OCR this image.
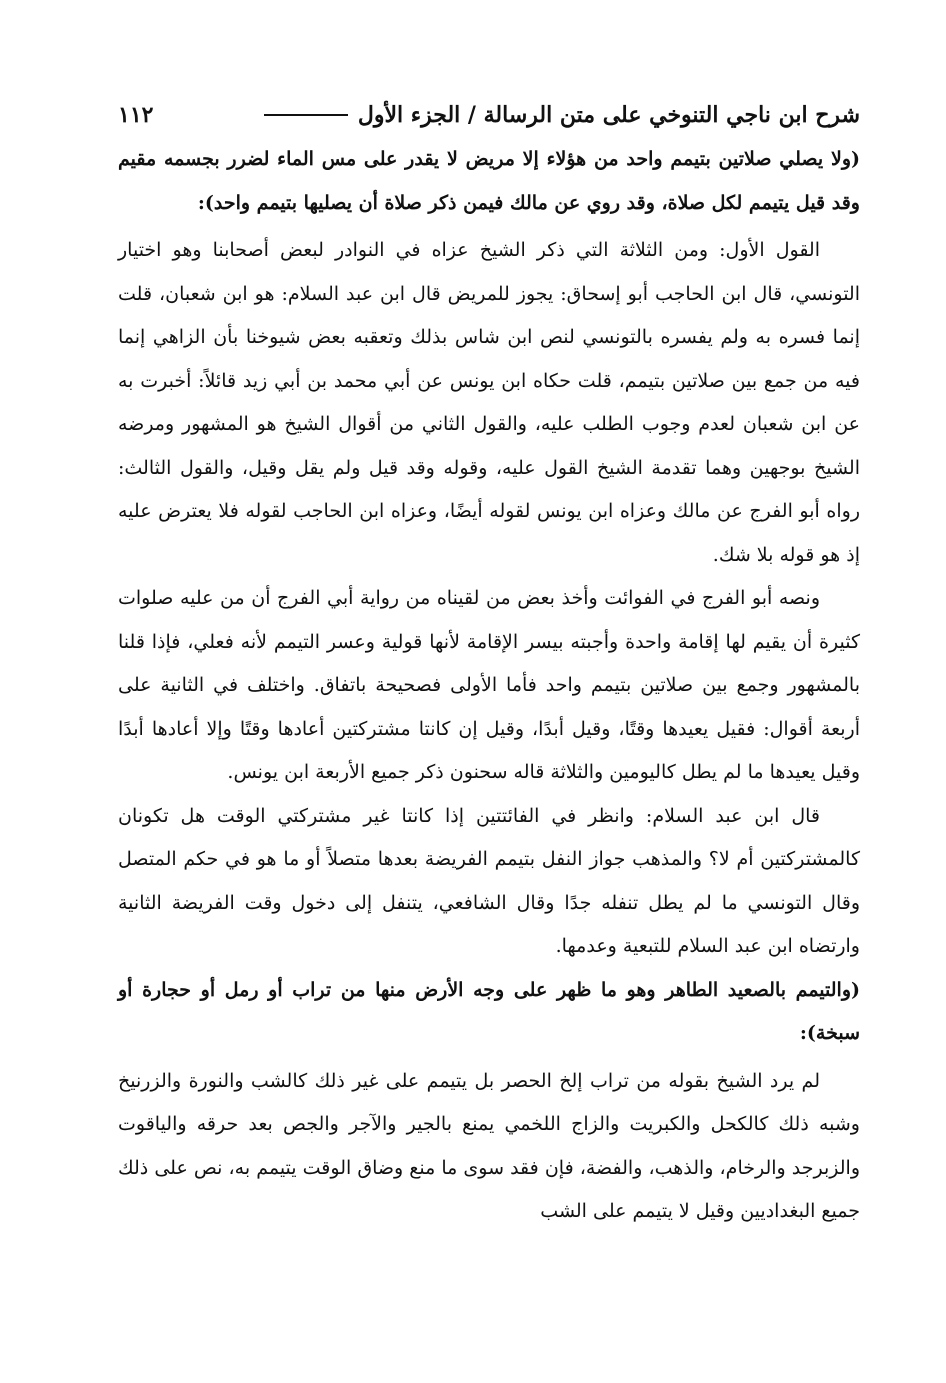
شرح ابن ناجي التنوخي على متن الرسالة / الجزء الأول
١١٢

(ولا يصلي صلاتين بتيمم واحد من هؤلاء إلا مريض لا يقدر على مس الماء لضرر بجسمه مقيم وقد قيل يتيمم لكل صلاة، وقد روي عن مالك فيمن ذكر صلاة أن يصليها بتيمم واحد):

القول الأول: ومن الثلاثة التي ذكر الشيخ عزاه في النوادر لبعض أصحابنا وهو اختيار التونسي، قال ابن الحاجب أبو إسحاق: يجوز للمريض قال ابن عبد السلام: هو ابن شعبان، قلت إنما فسره به ولم يفسره بالتونسي لنص ابن شاس بذلك وتعقبه بعض شيوخنا بأن الزاهي إنما فيه من جمع بين صلاتين بتيمم، قلت حكاه ابن يونس عن أبي محمد بن أبي زيد قائلاً: أخبرت به عن ابن شعبان لعدم وجوب الطلب عليه، والقول الثاني من أقوال الشيخ هو المشهور ومرضه الشيخ بوجهين وهما تقدمة الشيخ القول عليه، وقوله وقد قيل ولم يقل وقيل، والقول الثالث: رواه أبو الفرج عن مالك وعزاه ابن يونس لقوله أيضًا، وعزاه ابن الحاجب لقوله فلا يعترض عليه إذ هو قوله بلا شك.

ونصه أبو الفرج في الفوائت وأخذ بعض من لقيناه من رواية أبي الفرج أن من عليه صلوات كثيرة أن يقيم لها إقامة واحدة وأجبته بيسر الإقامة لأنها قولية وعسر التيمم لأنه فعلي، فإذا قلنا بالمشهور وجمع بين صلاتين بتيمم واحد فأما الأولى فصحيحة باتفاق. واختلف في الثانية على أربعة أقوال: فقيل يعيدها وقتًا، وقيل أبدًا، وقيل إن كانتا مشتركتين أعادها وقتًا وإلا أعادها أبدًا وقيل يعيدها ما لم يطل كاليومين والثلاثة قاله سحنون ذكر جميع الأربعة ابن يونس.

قال ابن عبد السلام: وانظر في الفائتتين إذا كانتا غير مشتركتي الوقت هل تكونان كالمشتركتين أم لا؟ والمذهب جواز النفل بتيمم الفريضة بعدها متصلاً أو ما هو في حكم المتصل وقال التونسي ما لم يطل تنفله جدًا وقال الشافعي، يتنفل إلى دخول وقت الفريضة الثانية وارتضاه ابن عبد السلام للتبعية وعدمها.

(والتيمم بالصعيد الطاهر وهو ما ظهر على وجه الأرض منها من تراب أو رمل أو حجارة أو سبخة):

لم يرد الشيخ بقوله من تراب إلخ الحصر بل يتيمم على غير ذلك كالشب والنورة والزرنيخ وشبه ذلك كالكحل والكبريت والزاج اللخمي يمنع بالجير والآجر والجص بعد حرقه والياقوت والزبرجد والرخام، والذهب، والفضة، فإن فقد سوى ما منع وضاق الوقت يتيمم به، نص على ذلك جميع البغداديين وقيل لا يتيمم على الشب
